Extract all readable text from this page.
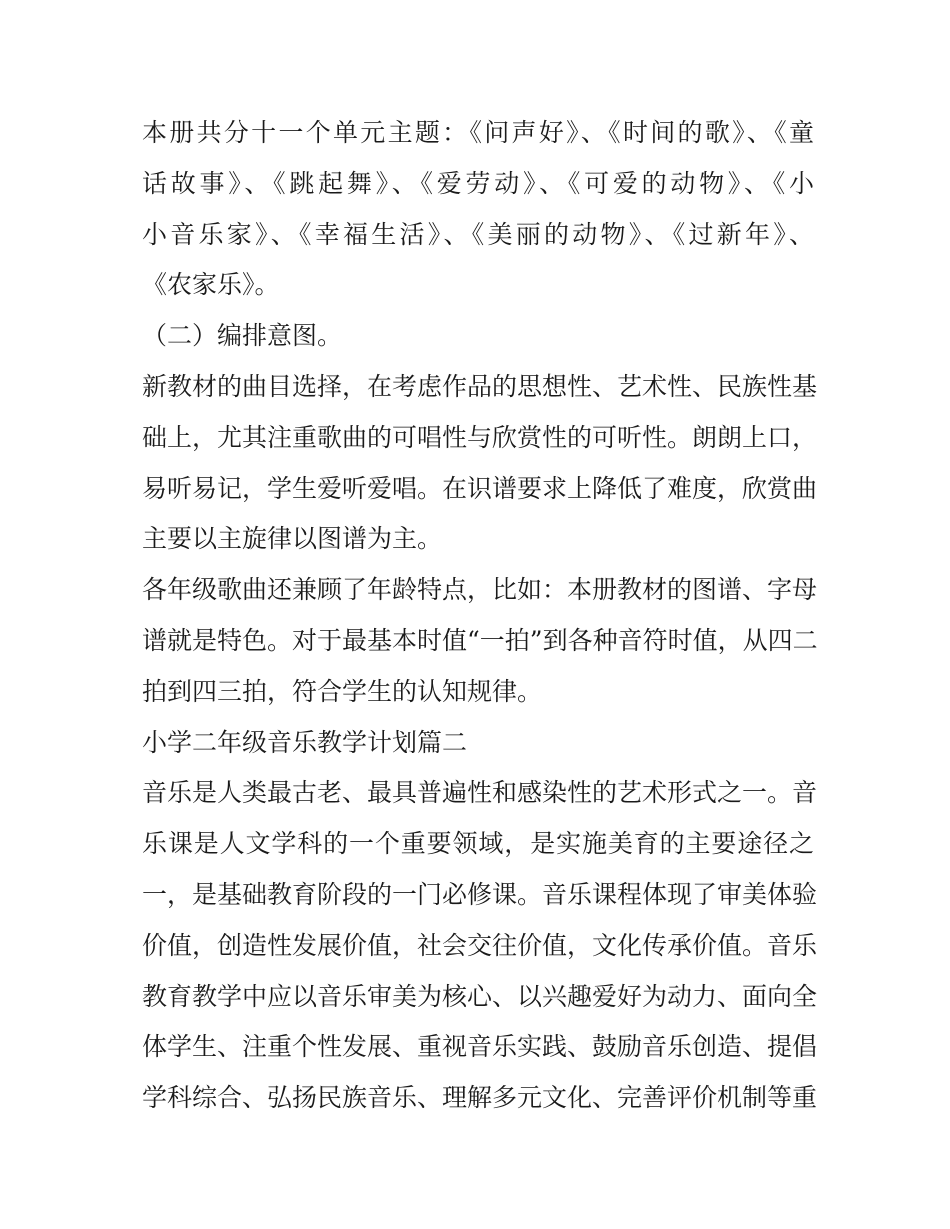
本册共分十一个单元主题：《问声好》、《时间的歌》、《童
话故事》、《跳起舞》、《爱劳动》、《可爱的动物》、《小
小音乐家》、《幸福生活》、《美丽的动物》、《过新年》、
《农家乐》。
（二）编排意图。
新教材的曲目选择，在考虑作品的思想性、艺术性、民族性基
础上，尤其注重歌曲的可唱性与欣赏性的可听性。朗朗上口，
易听易记，学生爱听爱唱。在识谱要求上降低了难度，欣赏曲
主要以主旋律以图谱为主。
各年级歌曲还兼顾了年龄特点，比如：本册教材的图谱、字母
谱就是特色。对于最基本时值“一拍”到各种音符时值，从四二
拍到四三拍，符合学生的认知规律。
小学二年级音乐教学计划篇二
音乐是人类最古老、最具普遍性和感染性的艺术形式之一。音
乐课是人文学科的一个重要领域，是实施美育的主要途径之
一，是基础教育阶段的一门必修课。音乐课程体现了审美体验
价值，创造性发展价值，社会交往价值，文化传承价值。音乐
教育教学中应以音乐审美为核心、以兴趣爱好为动力、面向全
体学生、注重个性发展、重视音乐实践、鼓励音乐创造、提倡
学科综合、弘扬民族音乐、理解多元文化、完善评价机制等重
